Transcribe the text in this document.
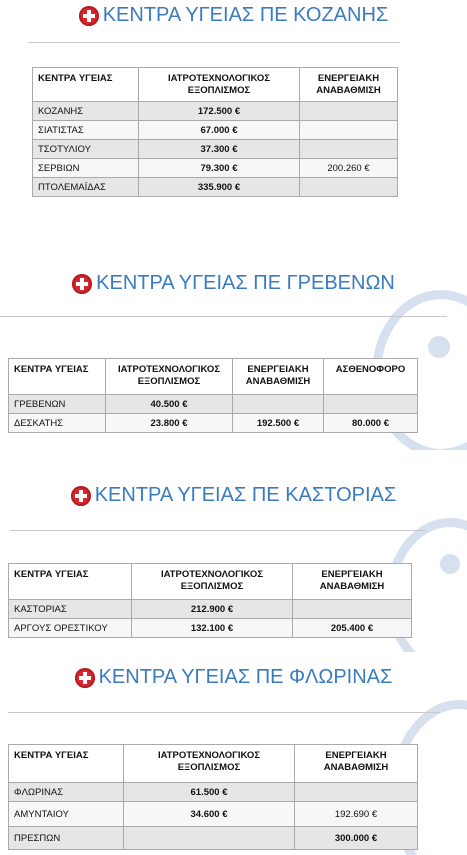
ΚΕΝΤΡΑ ΥΓΕΙΑΣ ΠΕ ΚΟΖΑΝΗΣ
ΚΕΝΤΡΑ ΥΓΕΙΑΣ	ΙΑΤΡΟΤΕΧΝΟΛΟΓΙΚΟΣ ΕΞΟΠΛΙΣΜΟΣ	ΕΝΕΡΓΕΙΑΚΗ ΑΝΑΒΑΘΜΙΣΗ
ΚΟΖΑΝΗΣ	172.500 €	
ΣΙΑΤΙΣΤΑΣ	67.000 €	
ΤΣΟΤΥΛΙΟΥ	37.300 €	
ΣΕΡΒΙΩΝ	79.300 €	200.260 €
ΠΤΟΛΕΜΑΪΔΑΣ	335.900 €	
ΚΕΝΤΡΑ ΥΓΕΙΑΣ ΠΕ ΓΡΕΒΕΝΩΝ
ΚΕΝΤΡΑ ΥΓΕΙΑΣ	ΙΑΤΡΟΤΕΧΝΟΛΟΓΙΚΟΣ ΕΞΟΠΛΙΣΜΟΣ	ΕΝΕΡΓΕΙΑΚΗ ΑΝΑΒΑΘΜΙΣΗ	ΑΣΘΕΝΟΦΟΡΟ
ΓΡΕΒΕΝΩΝ	40.500 €		
ΔΕΣΚΑΤΗΣ	23.800 €	192.500 €	80.000 €
ΚΕΝΤΡΑ ΥΓΕΙΑΣ ΠΕ ΚΑΣΤΟΡΙΑΣ
ΚΕΝΤΡΑ ΥΓΕΙΑΣ	ΙΑΤΡΟΤΕΧΝΟΛΟΓΙΚΟΣ ΕΞΟΠΛΙΣΜΟΣ	ΕΝΕΡΓΕΙΑΚΗ ΑΝΑΒΑΘΜΙΣΗ
ΚΑΣΤΟΡΙΑΣ	212.900 €	
ΑΡΓΟΥΣ ΟΡΕΣΤΙΚΟΥ	132.100 €	205.400 €
ΚΕΝΤΡΑ ΥΓΕΙΑΣ ΠΕ ΦΛΩΡΙΝΑΣ
ΚΕΝΤΡΑ ΥΓΕΙΑΣ	ΙΑΤΡΟΤΕΧΝΟΛΟΓΙΚΟΣ ΕΞΟΠΛΙΣΜΟΣ	ΕΝΕΡΓΕΙΑΚΗ ΑΝΑΒΑΘΜΙΣΗ
ΦΛΩΡΙΝΑΣ	61.500 €	
ΑΜΥΝΤΑΙΟΥ	34.600 €	192.690 €
ΠΡΕΣΠΩΝ		300.000 €
